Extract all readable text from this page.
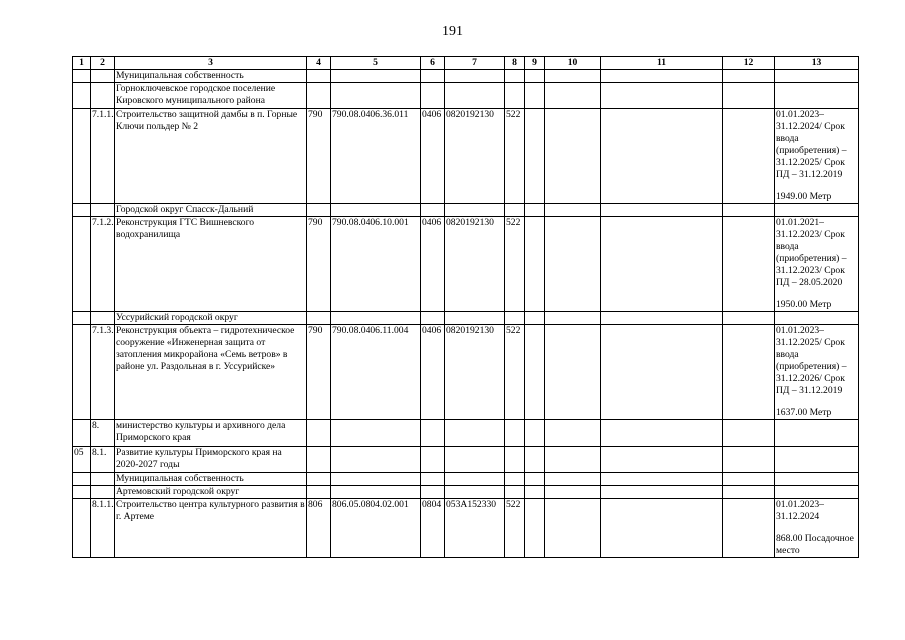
191
1	2	3	4	5	6	7	8	9	10	11	12	13
		Муниципальная собственность										
		Горноключевское городское поселение Кировского муниципального района										
	7.1.1.	Строительство защитной дамбы в п. Горные Ключи польдер № 2	790	790.08.0406.36.011	0406	0820192130	522					01.01.2023–31.12.2024/ Срок ввода (приобретения) – 31.12.2025/ Срок ПД – 31.12.2019
1949.00 Метр
		Городской округ Спасск-Дальний										
	7.1.2.	Реконструкция ГТС Вишневского водохранилища	790	790.08.0406.10.001	0406	0820192130	522					01.01.2021–31.12.2023/ Срок ввода (приобретения) – 31.12.2023/ Срок ПД – 28.05.2020
1950.00 Метр
		Уссурийский городской округ										
	7.1.3.	Реконструкция объекта – гидротехническое сооружение «Инженерная защита от затопления микрорайона «Семь ветров» в районе ул. Раздольная в г. Уссурийске»	790	790.08.0406.11.004	0406	0820192130	522					01.01.2023–31.12.2025/ Срок ввода (приобретения) – 31.12.2026/ Срок ПД – 31.12.2019
1637.00 Метр
	8.	министерство культуры и архивного дела Приморского края										
05	8.1.	Развитие культуры Приморского края на 2020-2027 годы										
		Муниципальная собственность										
		Артемовский городской округ										
	8.1.1.	Строительство центра культурного развития в г. Артеме	806	806.05.0804.02.001	0804	053А152330	522					01.01.2023–31.12.2024
868.00 Посадочное место
